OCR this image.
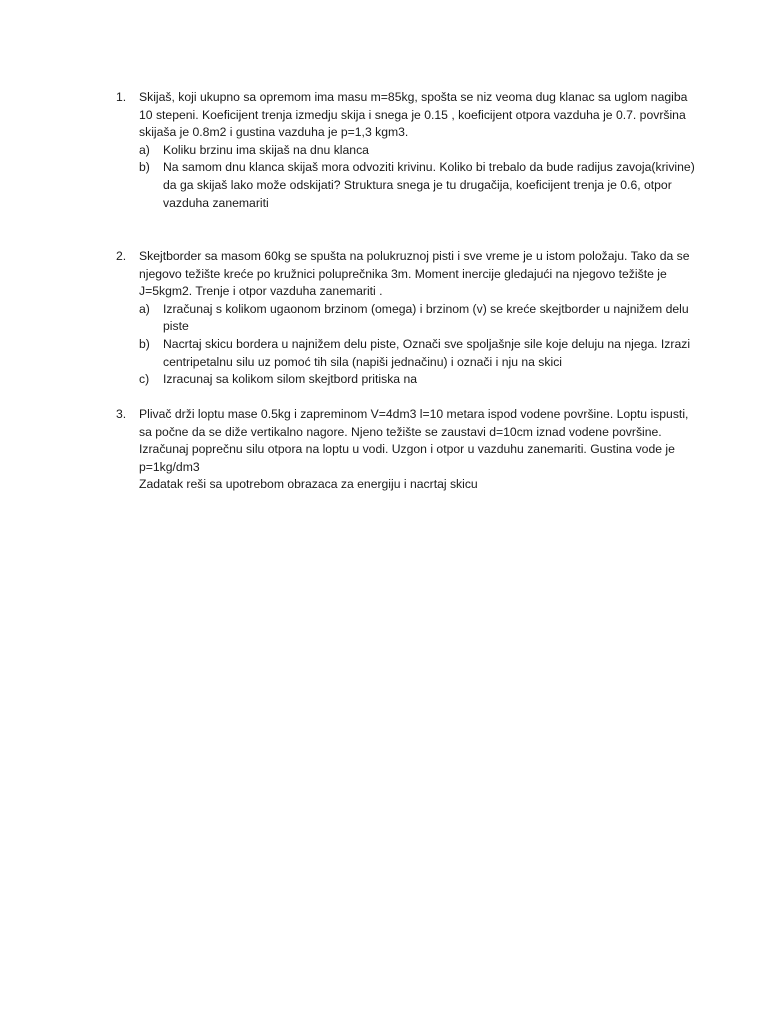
1.	Skijaš, koji ukupno sa opremom ima masu m=85kg, spošta se niz veoma dug klanac sa uglom nagiba 10 stepeni. Koeficijent trenja izmedju skija i snega je 0.15 , koeficijent otpora vazduha je 0.7. površina skijaša je 0.8m2 i gustina vazduha je p=1,3 kgm3.

a)	Koliku brzinu ima skijaš na dnu klanca
b)	Na samom dnu klanca skijaš mora odvoziti krivinu. Koliko bi trebalo da bude radijus zavoja(krivine) da ga skijaš lako može odskijati? Struktura snega je tu drugačija, koeficijent trenja je 0.6, otpor vazduha zanemariti
2.	Skejtborder sa masom 60kg se spušta na polukruznoj pisti i sve vreme je u istom položaju. Tako da se njegovo težište kreće po kružnici poluprečnika 3m. Moment inercije gledajući na njegovo težište je J=5kgm2. Trenje i otpor vazduha zanemariti .

a)	Izračunaj s kolikom ugaonom brzinom (omega) i brzinom (v) se kreće skejtborder u najnižem delu piste
b)	Nacrtaj skicu bordera u najnižem delu piste, Označi sve spoljašnje sile koje deluju na njega. Izrazi centripetalnu silu uz pomoć tih sila (napiši jednačinu) i označi i nju na skici
c)	Izracunaj sa kolikom silom skejtbord pritiska na
3.	Plivač drži loptu mase 0.5kg i zapreminom V=4dm3 l=10 metara ispod vodene površine. Loptu ispusti, sa počne da se diže vertikalno nagore. Njeno težište se zaustavi d=10cm iznad vodene površine. Izračunaj poprečnu silu otpora na loptu u vodi. Uzgon i otpor u vazduhu zanemariti. Gustina vode je p=1kg/dm3

Zadatak reši sa upotrebom obrazaca za energiju i nacrtaj skicu
